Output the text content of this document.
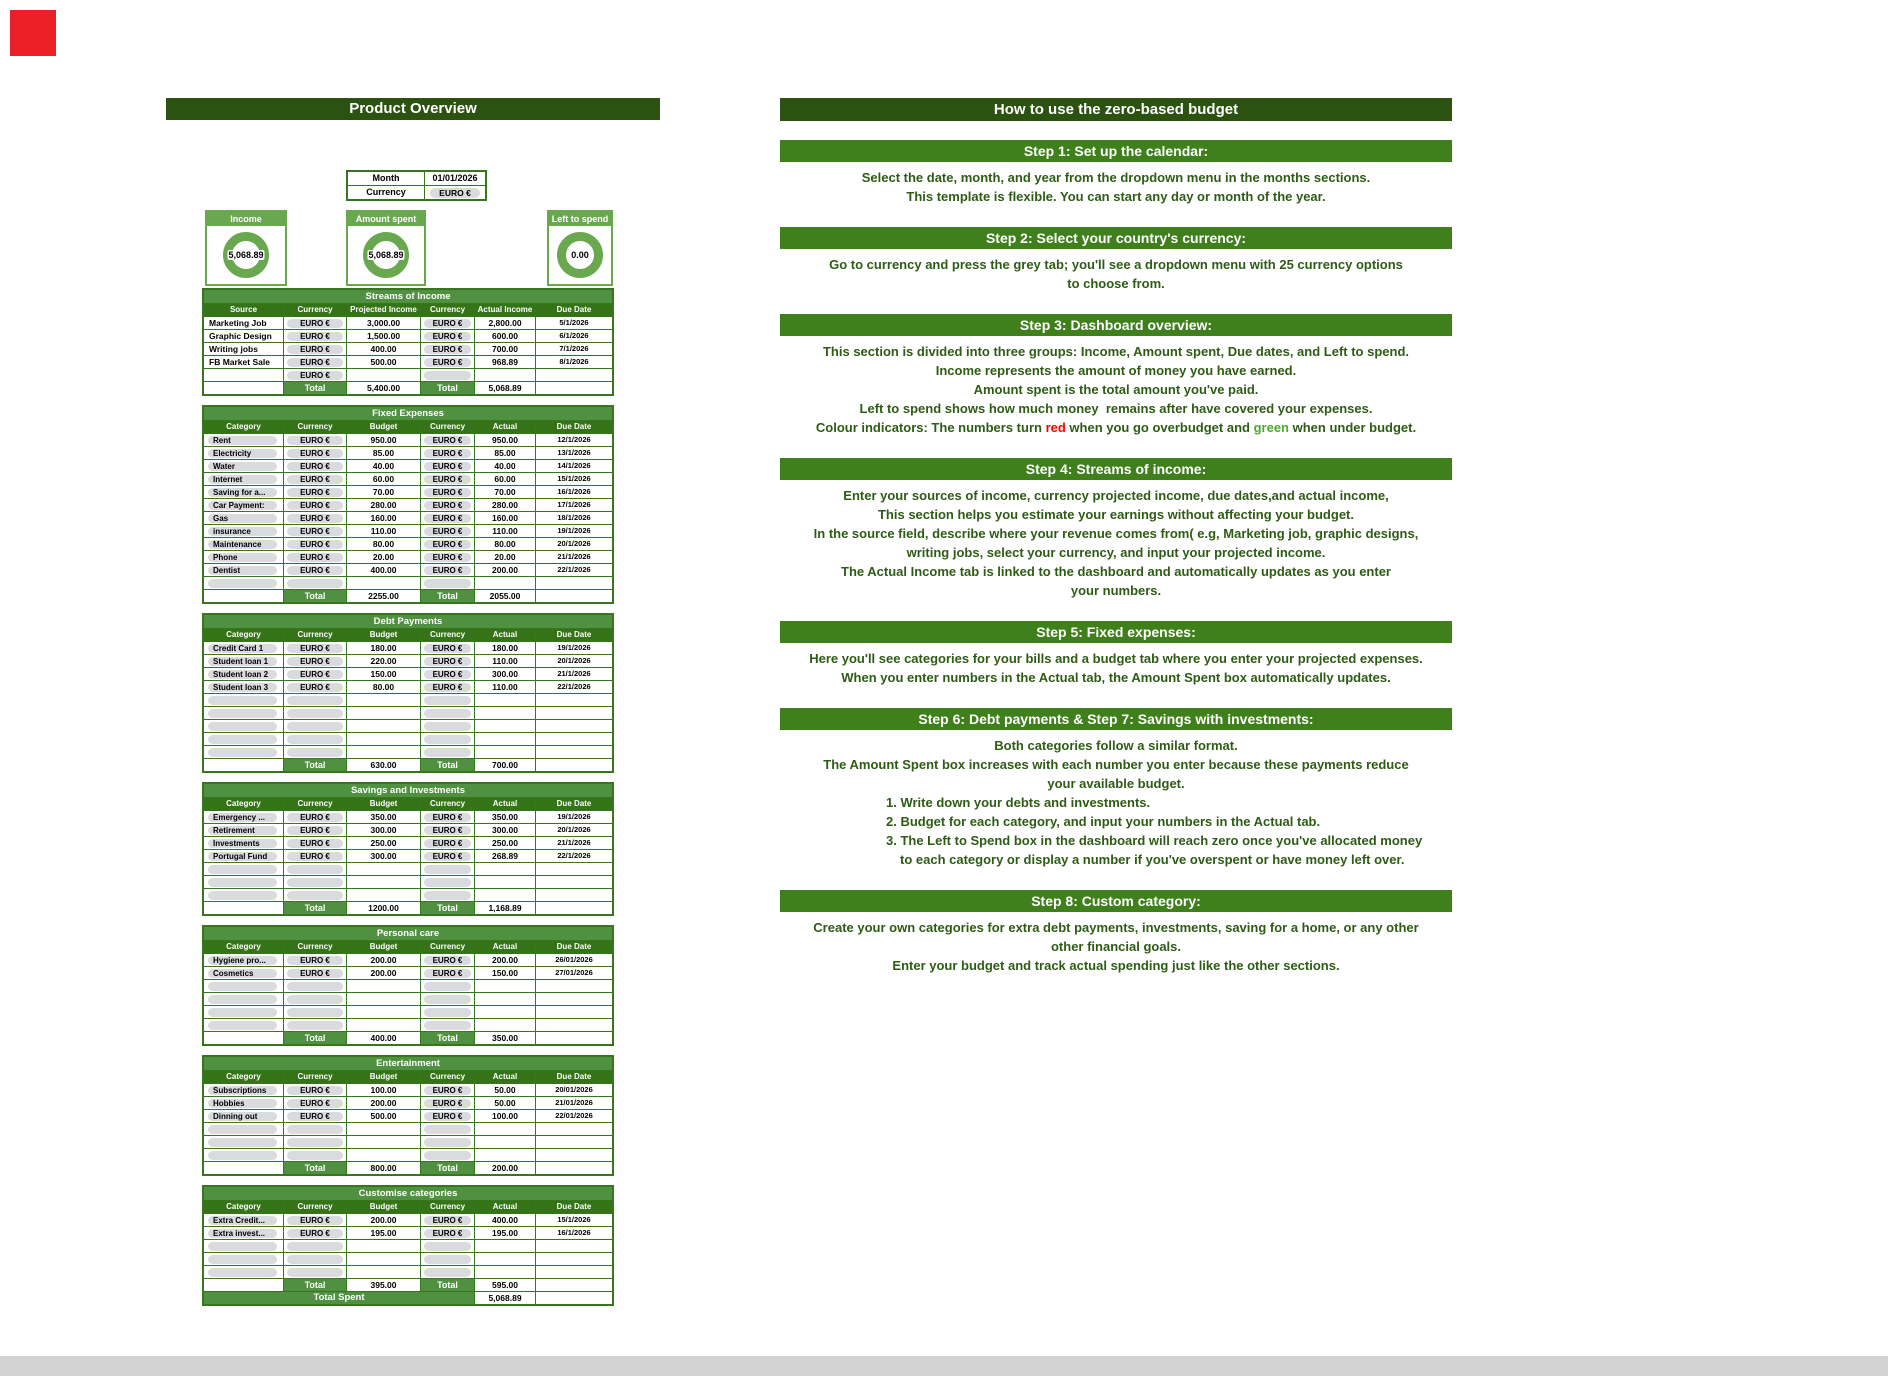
Product Overview
Month	01/01/2026
Currency	EURO €
Income
5,068.89
Amount spent
5,068.89
Left to spend
0.00
Streams of Income
Source	Currency	Projected Income	Currency	Actual Income	Due Date
Marketing Job	EURO €	3,000.00	EURO €	2,800.00	5/1/2026
Graphic Design	EURO €	1,500.00	EURO €	600.00	6/1/2026
Writing jobs	EURO €	400.00	EURO €	700.00	7/1/2026
FB Market Sale	EURO €	500.00	EURO €	968.89	8/1/2026
EURO €
Total	5,400.00	Total	5,068.89
Fixed Expenses
Category	Currency	Budget	Currency	Actual	Due Date
Rent	EURO €	950.00	EURO €	950.00	12/1/2026
Electricity	EURO €	85.00	EURO €	85.00	13/1/2026
Water	EURO €	40.00	EURO €	40.00	14/1/2026
Internet	EURO €	60.00	EURO €	60.00	15/1/2026
Saving for a...	EURO €	70.00	EURO €	70.00	16/1/2026
Car Payment:	EURO €	280.00	EURO €	280.00	17/1/2026
Gas	EURO €	160.00	EURO €	160.00	18/1/2026
insurance	EURO €	110.00	EURO €	110.00	19/1/2026
Maintenance	EURO €	80.00	EURO €	80.00	20/1/2026
Phone	EURO €	20.00	EURO €	20.00	21/1/2026
Dentist	EURO €	400.00	EURO €	200.00	22/1/2026
Total	2255.00	Total	2055.00
Debt Payments
Category	Currency	Budget	Currency	Actual	Due Date
Credit Card 1	EURO €	180.00	EURO €	180.00	19/1/2026
Student loan 1	EURO €	220.00	EURO €	110.00	20/1/2026
Student loan 2	EURO €	150.00	EURO €	300.00	21/1/2026
Student loan 3	EURO €	80.00	EURO €	110.00	22/1/2026
Total	630.00	Total	700.00
Savings and Investments
Category	Currency	Budget	Currency	Actual	Due Date
Emergency ...	EURO €	350.00	EURO €	350.00	19/1/2026
Retirement	EURO €	300.00	EURO €	300.00	20/1/2026
Investments	EURO €	250.00	EURO €	250.00	21/1/2026
Portugal Fund	EURO €	300.00	EURO €	268.89	22/1/2026
Total	1200.00	Total	1,168.89
Personal care
Category	Currency	Budget	Currency	Actual	Due Date
Hygiene pro...	EURO €	200.00	EURO €	200.00	26/01/2026
Cosmetics	EURO €	200.00	EURO €	150.00	27/01/2026
Total	400.00	Total	350.00
Entertainment
Category	Currency	Budget	Currency	Actual	Due Date
Subscriptions	EURO €	100.00	EURO €	50.00	20/01/2026
Hobbies	EURO €	200.00	EURO €	50.00	21/01/2026
Dinning out	EURO €	500.00	EURO €	100.00	22/01/2026
Total	800.00	Total	200.00
Customise categories
Category	Currency	Budget	Currency	Actual	Due Date
Extra Credit...	EURO €	200.00	EURO €	400.00	15/1/2026
Extra invest...	EURO €	195.00	EURO €	195.00	16/1/2026
Total	395.00	Total	595.00
Total Spent	5,068.89
How to use the zero-based budget
Step 1: Set up the calendar:
Select the date, month, and year from the dropdown menu in the months sections.
This template is flexible. You can start any day or month of the year.
Step 2: Select your country's currency:
Go to currency and press the grey tab; you'll see a dropdown menu with 25 currency options
to choose from.
Step 3: Dashboard overview:
This section is divided into three groups: Income, Amount spent, Due dates, and Left to spend.
Income represents the amount of money you have earned.
Amount spent is the total amount you've paid.
Left to spend shows how much money  remains after have covered your expenses.
Colour indicators: The numbers turn red when you go overbudget and green when under budget.
Step 4: Streams of income:
Enter your sources of income, currency projected income, due dates,and actual income,
This section helps you estimate your earnings without affecting your budget.
In the source field, describe where your revenue comes from( e.g, Marketing job, graphic designs,
writing jobs, select your currency, and input your projected income.
The Actual Income tab is linked to the dashboard and automatically updates as you enter
your numbers.
Step 5: Fixed expenses:
Here you'll see categories for your bills and a budget tab where you enter your projected expenses.
When you enter numbers in the Actual tab, the Amount Spent box automatically updates.
Step 6: Debt payments & Step 7: Savings with investments:
Both categories follow a similar format.
The Amount Spent box increases with each number you enter because these payments reduce
your available budget.
1. Write down your debts and investments.
2. Budget for each category, and input your numbers in the Actual tab.
3. The Left to Spend box in the dashboard will reach zero once you've allocated money
to each category or display a number if you've overspent or have money left over.
Step 8: Custom category:
Create your own categories for extra debt payments, investments, saving for a home, or any other
other financial goals.
Enter your budget and track actual spending just like the other sections.
